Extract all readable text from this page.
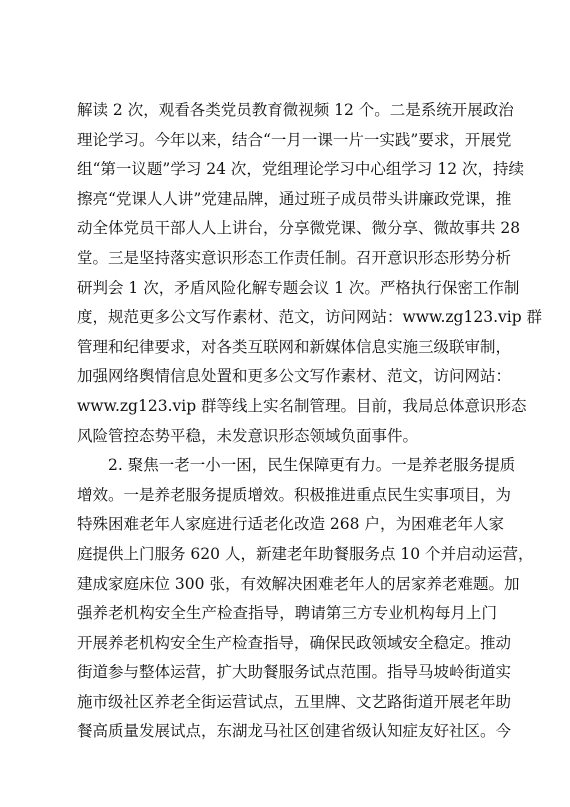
解读 2 次，观看各类党员教育微视频 12 个。二是系统开展政治
理论学习。今年以来，结合“一月一课一片一实践”要求，开展党
组“第一议题”学习 24 次，党组理论学习中心组学习 12 次，持续
擦亮“党课人人讲”党建品牌，通过班子成员带头讲廉政党课，推
动全体党员干部人人上讲台，分享微党课、微分享、微故事共 28
堂。三是坚持落实意识形态工作责任制。召开意识形态形势分析
研判会 1 次，矛盾风险化解专题会议 1 次。严格执行保密工作制
度，规范更多公文写作素材、范文，访问网站：www.zg123.vip 群
管理和纪律要求，对各类互联网和新媒体信息实施三级联审制，
加强网络舆情信息处置和更多公文写作素材、范文，访问网站：
www.zg123.vip 群等线上实名制管理。目前，我局总体意识形态
风险管控态势平稳，未发意识形态领域负面事件。
2. 聚焦一老一小一困，民生保障更有力。一是养老服务提质
增效。一是养老服务提质增效。积极推进重点民生实事项目，为
特殊困难老年人家庭进行适老化改造 268 户，为困难老年人家
庭提供上门服务 620 人，新建老年助餐服务点 10 个并启动运营，
建成家庭床位 300 张，有效解决困难老年人的居家养老难题。加
强养老机构安全生产检查指导，聘请第三方专业机构每月上门
开展养老机构安全生产检查指导，确保民政领域安全稳定。推动
街道参与整体运营，扩大助餐服务试点范围。指导马坡岭街道实
施市级社区养老全街运营试点，五里牌、文艺路街道开展老年助
餐高质量发展试点，东湖龙马社区创建省级认知症友好社区。今
